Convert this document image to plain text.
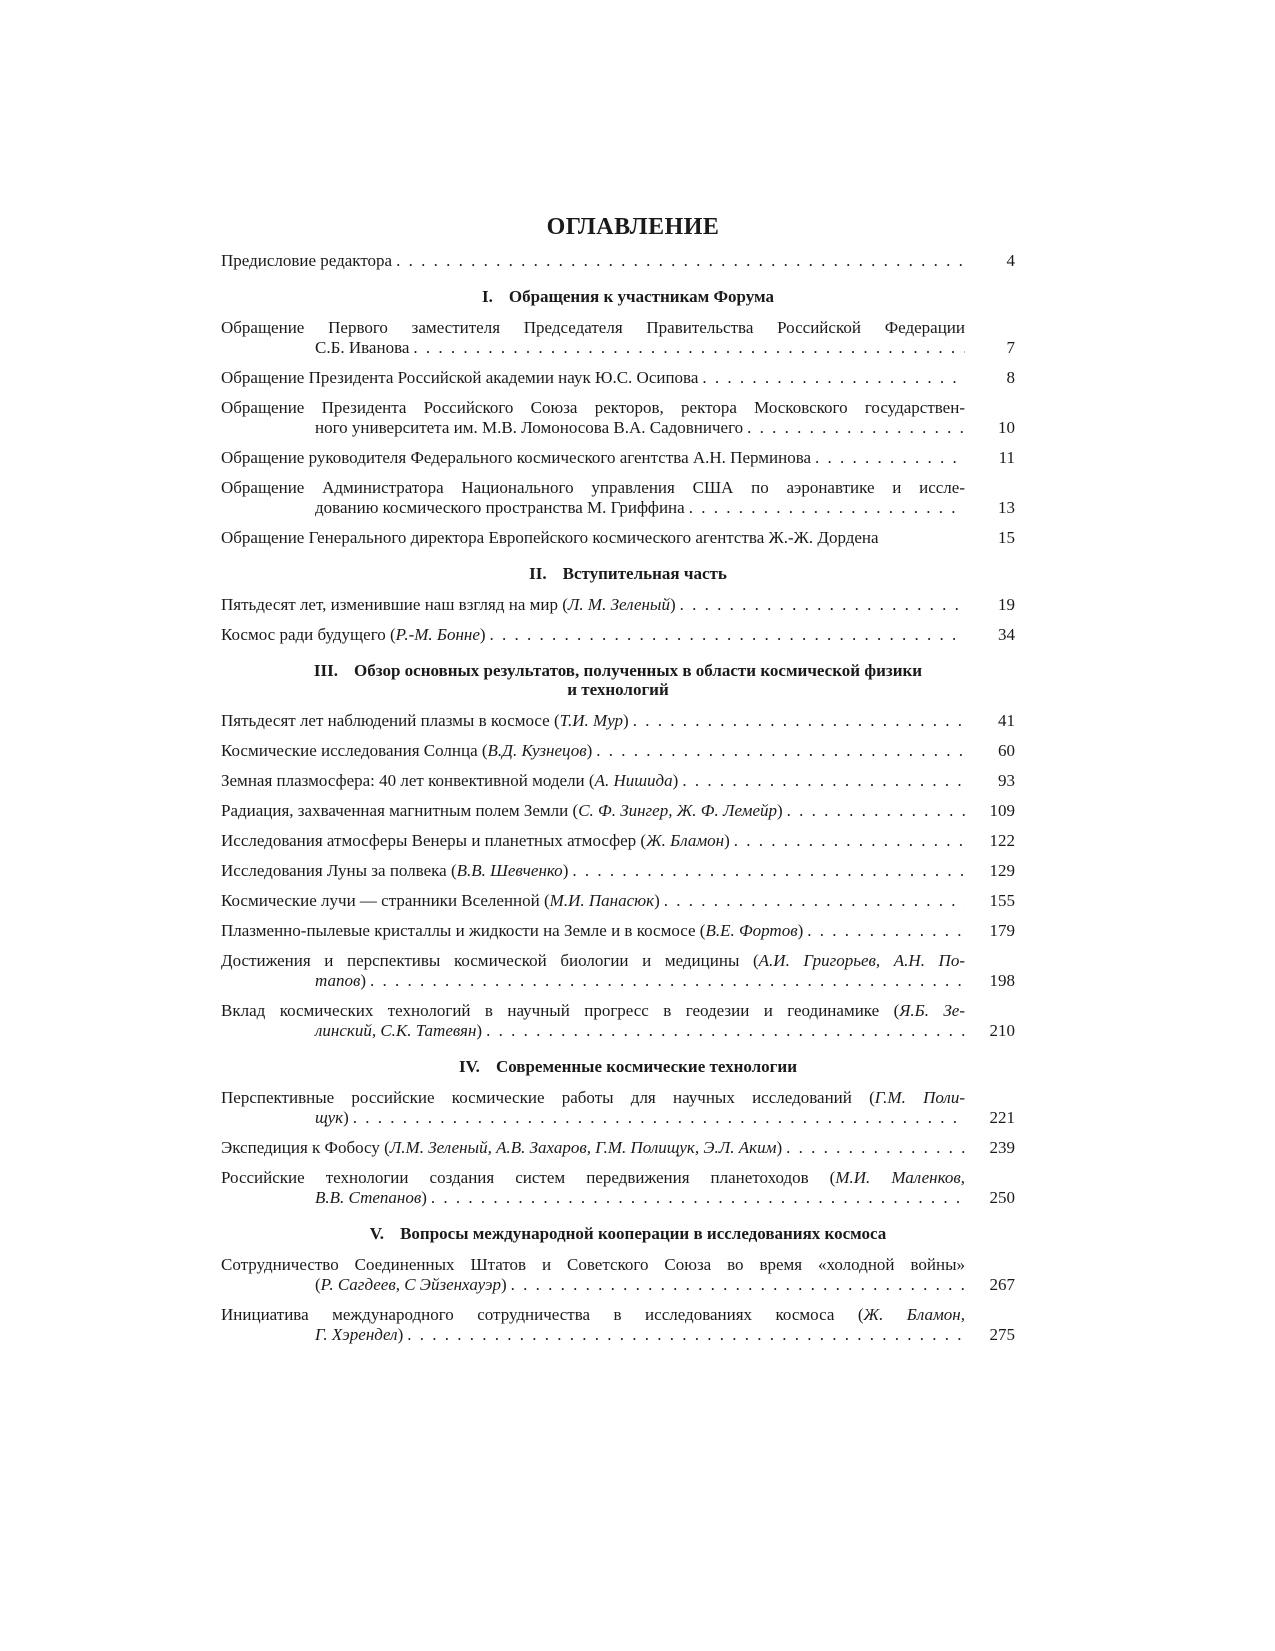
ОГЛАВЛЕНИЕ
Предисловие редактора . . .	4
I. Обращения к участникам Форума
Обращение Первого заместителя Председателя Правительства Российской Федерации
С.Б. Иванова . . .	7
Обращение Президента Российской академии наук Ю.С. Осипова . . .	8
Обращение Президента Российского Союза ректоров, ректора Московского государствен-
ного университета им. М.В. Ломоносова В.А. Садовничего . . .	10
Обращение руководителя Федерального космического агентства А.Н. Перминова . . .	11
Обращение Администратора Национального управления США по аэронавтике и иссле-
дованию космического пространства М. Гриффина . . .	13
Обращение Генерального директора Европейского космического агентства Ж.-Ж. Дордена	15
II. Вступительная часть
Пятьдесят лет, изменившие наш взгляд на мир ( Л. М. Зеленый ) . . .	19
Космос ради будущего ( Р.-М. Бонне ) . . .	34
III. Обзор основных результатов, полученных в области космической физики
и технологий
Пятьдесят лет наблюдений плазмы в космосе ( Т.И. Мур ) . . .	41
Космические исследования Солнца ( В.Д. Кузнецов ) . . .	60
Земная плазмосфера: 40 лет конвективной модели ( А. Нишида ) . . .	93
Радиация, захваченная магнитным полем Земли ( С. Ф. Зингер, Ж. Ф. Лемейр ) . . .	109
Исследования атмосферы Венеры и планетных атмосфер ( Ж. Бламон ) . . .	122
Исследования Луны за полвека ( В.В. Шевченко ) . . .	129
Космические лучи — странники Вселенной ( М.И. Панасюк ) . . .	155
Плазменно-пылевые кристаллы и жидкости на Земле и в космосе ( В.Е. Фортов ) . . .	179
Достижения и перспективы космической биологии и медицины (А.И. Григорьев, А.Н. По-
тапов ) . . .	198
Вклад космических технологий в научный прогресс в геодезии и геодинамике (Я.Б. Зе-
линский, С.К. Татевян ) . . .	210
IV. Современные космические технологии
Перспективные российские космические работы для научных исследований (Г.М. Поли-
щук ) . . .	221
Экспедиция к Фобосу ( Л.М. Зеленый, А.В. Захаров, Г.М. Полищук, Э.Л. Аким ) . . .	239
Российские технологии создания систем передвижения планетоходов (М.И. Маленков,
В.В. Степанов ) . . .	250
V. Вопросы международной кооперации в исследованиях космоса
Сотрудничество Соединенных Штатов и Советского Союза во время «холодной войны»
( Р. Сагдеев, С Эйзенхауэр ) . . .	267
Инициатива международного сотрудничества в исследованиях космоса (Ж. Бламон,
Г. Хэрендел ) . . .	275
